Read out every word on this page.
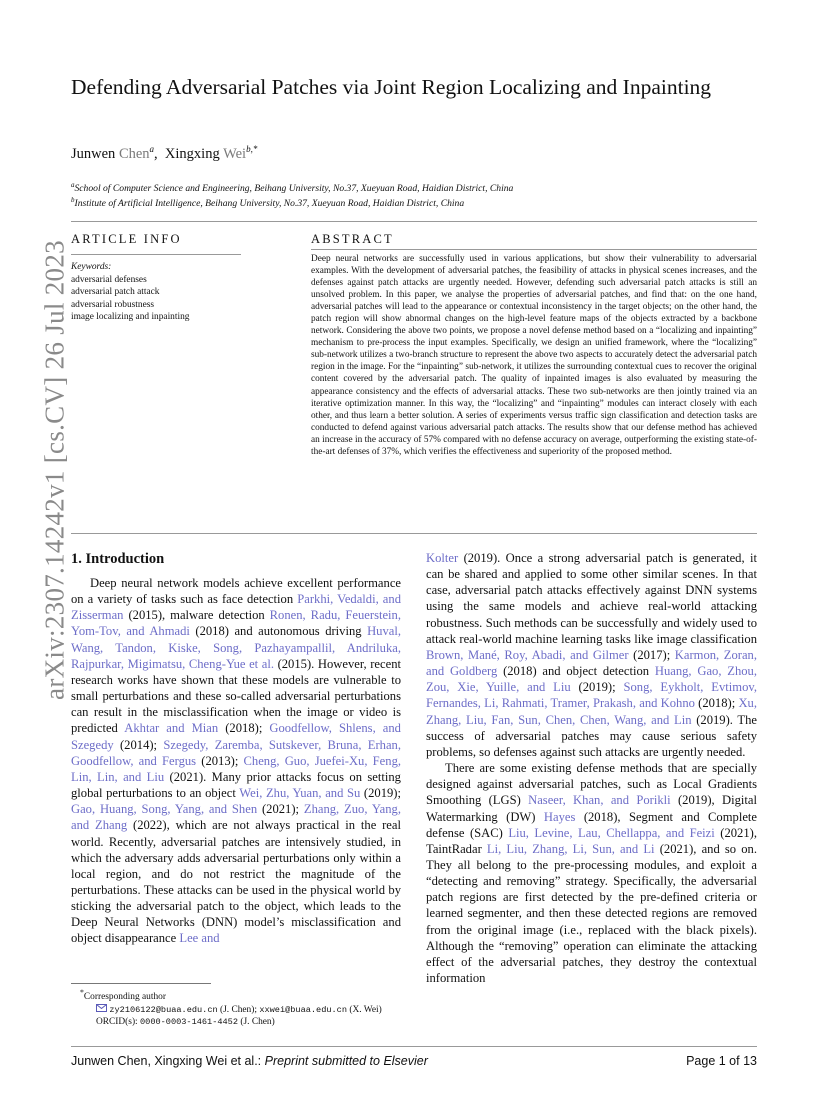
arXiv:2307.14242v1 [cs.CV] 26 Jul 2023
Defending Adversarial Patches via Joint Region Localizing and Inpainting
Junwen Chen$^a$,  Xingxing Wei$^{b,*}$
$^a$School of Computer Science and Engineering, Beihang University, No.37, Xueyuan Road, Haidian District, China
$^b$Institute of Artificial Intelligence, Beihang University, No.37, Xueyuan Road, Haidian District, China
ARTICLE INFO
Keywords:
adversarial defenses
adversarial patch attack
adversarial robustness
image localizing and inpainting
ABSTRACT
Deep neural networks are successfully used in various applications, but show their vulnerability to adversarial examples. With the development of adversarial patches, the feasibility of attacks in physical scenes increases, and the defenses against patch attacks are urgently needed. However, defending such adversarial patch attacks is still an unsolved problem. In this paper, we analyse the properties of adversarial patches, and find that: on the one hand, adversarial patches will lead to the appearance or contextual inconsistency in the target objects; on the other hand, the patch region will show abnormal changes on the high-level feature maps of the objects extracted by a backbone network. Considering the above two points, we propose a novel defense method based on a “localizing and inpainting” mechanism to pre-process the input examples. Specifically, we design an unified framework, where the “localizing” sub-network utilizes a two-branch structure to represent the above two aspects to accurately detect the adversarial patch region in the image. For the “inpainting” sub-network, it utilizes the surrounding contextual cues to recover the original content covered by the adversarial patch. The quality of inpainted images is also evaluated by measuring the appearance consistency and the effects of adversarial attacks. These two sub-networks are then jointly trained via an iterative optimization manner. In this way, the “localizing” and “inpainting” modules can interact closely with each other, and thus learn a better solution. A series of experiments versus traffic sign classification and detection tasks are conducted to defend against various adversarial patch attacks. The results show that our defense method has achieved an increase in the accuracy of 57% compared with no defense accuracy on average, outperforming the existing state-of-the-art defenses of 37%, which verifies the effectiveness and superiority of the proposed method.
1. Introduction

Deep neural network models achieve excellent performance on a variety of tasks such as face detection Parkhi, Vedaldi, and Zisserman (2015), malware detection Ronen, Radu, Feuerstein, Yom-Tov, and Ahmadi (2018) and autonomous driving Huval, Wang, Tandon, Kiske, Song, Pazhayampallil, Andriluka, Rajpurkar, Migimatsu, Cheng-Yue et al. (2015). However, recent research works have shown that these models are vulnerable to small perturbations and these so-called adversarial perturbations can result in the misclassification when the image or video is predicted Akhtar and Mian (2018); Goodfellow, Shlens, and Szegedy (2014); Szegedy, Zaremba, Sutskever, Bruna, Erhan, Goodfellow, and Fergus (2013); Cheng, Guo, Juefei-Xu, Feng, Lin, Lin, and Liu (2021). Many prior attacks focus on setting global perturbations to an object Wei, Zhu, Yuan, and Su (2019); Gao, Huang, Song, Yang, and Shen (2021); Zhang, Zuo, Yang, and Zhang (2022), which are not always practical in the real world. Recently, adversarial patches are intensively studied, in which the adversary adds adversarial perturbations only within a local region, and do not restrict the magnitude of the perturbations. These attacks can be used in the physical world by sticking the adversarial patch to the object, which leads to the Deep Neural Networks (DNN) model’s misclassification and object disappearance Lee and

*Corresponding author
zy2106122@buaa.edu.cn (J. Chen); xxwei@buaa.edu.cn (X. Wei)
ORCID(s): 0000-0003-1461-4452 (J. Chen)

Kolter (2019). Once a strong adversarial patch is generated, it can be shared and applied to some other similar scenes. In that case, adversarial patch attacks effectively against DNN systems using the same models and achieve real-world attacking robustness. Such methods can be successfully and widely used to attack real-world machine learning tasks like image classification Brown, Mané, Roy, Abadi, and Gilmer (2017); Karmon, Zoran, and Goldberg (2018) and object detection Huang, Gao, Zhou, Zou, Xie, Yuille, and Liu (2019); Song, Eykholt, Evtimov, Fernandes, Li, Rahmati, Tramer, Prakash, and Kohno (2018); Xu, Zhang, Liu, Fan, Sun, Chen, Chen, Wang, and Lin (2019). The success of adversarial patches may cause serious safety problems, so defenses against such attacks are urgently needed.

There are some existing defense methods that are specially designed against adversarial patches, such as Local Gradients Smoothing (LGS) Naseer, Khan, and Porikli (2019), Digital Watermarking (DW) Hayes (2018), Segment and Complete defense (SAC) Liu, Levine, Lau, Chellappa, and Feizi (2021), TaintRadar Li, Liu, Zhang, Li, Sun, and Li (2021), and so on. They all belong to the pre-processing modules, and exploit a “detecting and removing” strategy. Specifically, the adversarial patch regions are first detected by the pre-defined criteria or learned segmenter, and then these detected regions are removed from the original image (i.e., replaced with the black pixels). Although the “removing” operation can eliminate the attacking effect of the adversarial patches, they destroy the contextual information

Junwen Chen, Xingxing Wei et al.: Preprint submitted to Elsevier	Page 1 of 13
